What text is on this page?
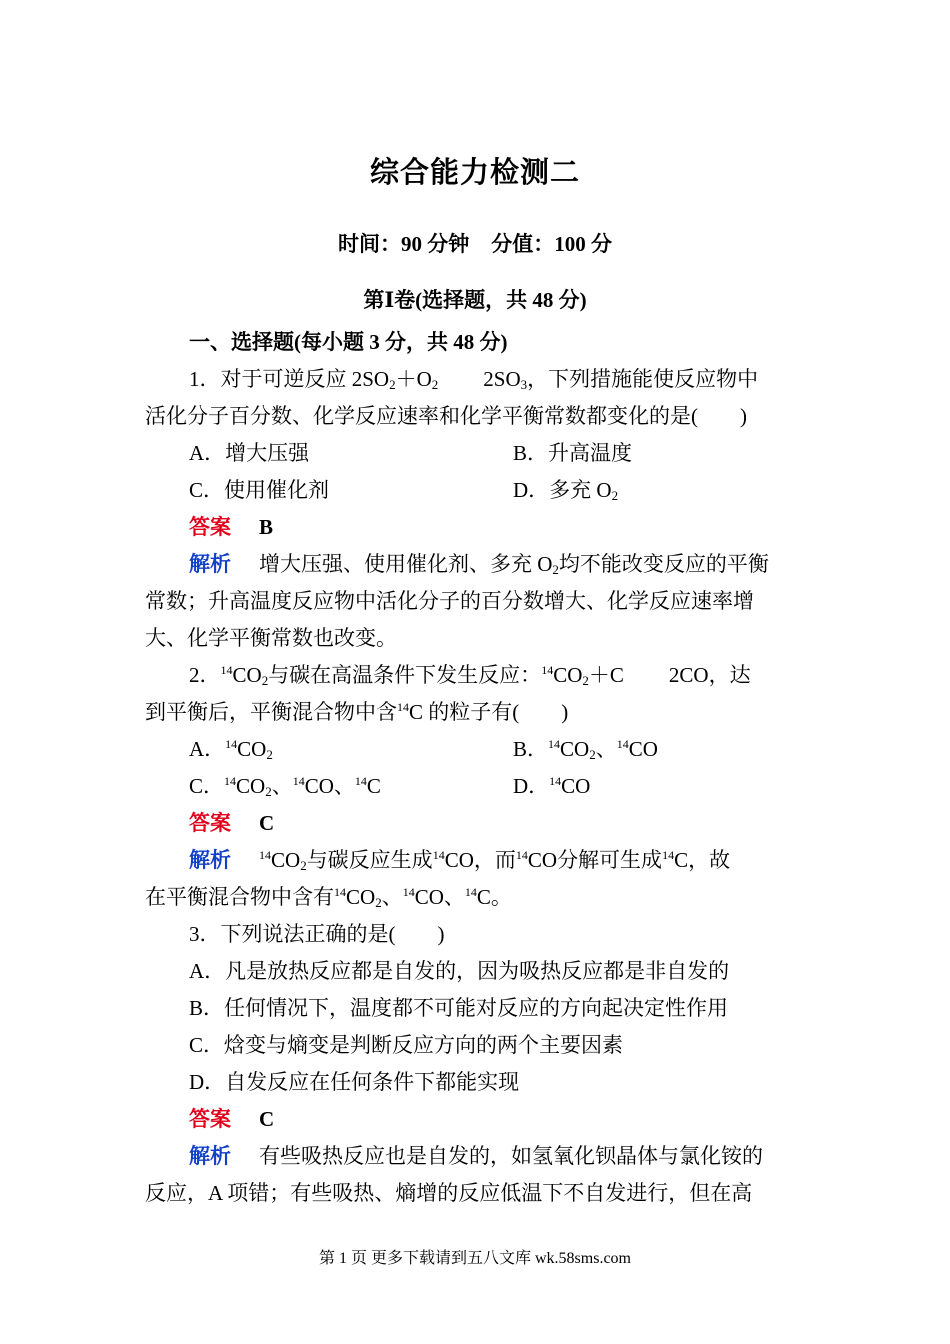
综合能力检测二
时间：90 分钟 分值：100 分
第Ⅰ卷(选择题，共 48 分)
一、选择题(每小题 3 分，共 48 分)
1．对于可逆反应 $2SO_2+O_2$ $2SO_3$，下列措施能使反应物中
活化分子百分数、化学反应速率和化学平衡常数都变化的是(　　)
A．增大压强	B．升高温度
C．使用催化剂	D．多充 $O_2$
答案 B
解析 增大压强、使用催化剂、多充 $O_2$均不能改变反应的平衡
常数；升高温度反应物中活化分子的百分数增大、化学反应速率增
大、化学平衡常数也改变。
2．$^{14}CO_2$与碳在高温条件下发生反应：$^{14}CO_2+C$ 2CO，达
到平衡后，平衡混合物中含$^{14}$C 的粒子有(　　)
A．$^{14}CO_2$	B．$^{14}CO_2$、$^{14}$CO
C．$^{14}CO_2$、$^{14}$CO、$^{14}$C	D．$^{14}$CO
答案 C
解析 $^{14}CO_2$与碳反应生成$^{14}$CO，而$^{14}$CO分解可生成$^{14}$C，故
在平衡混合物中含有$^{14}CO_2$、$^{14}$CO、$^{14}$C。
3．下列说法正确的是(　　)
A．凡是放热反应都是自发的，因为吸热反应都是非自发的
B．任何情况下，温度都不可能对反应的方向起决定性作用
C．焓变与熵变是判断反应方向的两个主要因素
D．自发反应在任何条件下都能实现
答案 C
解析 有些吸热反应也是自发的，如氢氧化钡晶体与氯化铵的
反应，A 项错；有些吸热、熵增的反应低温下不自发进行，但在高
第 1 页 更多下载请到五八文库 wk.58sms.com
